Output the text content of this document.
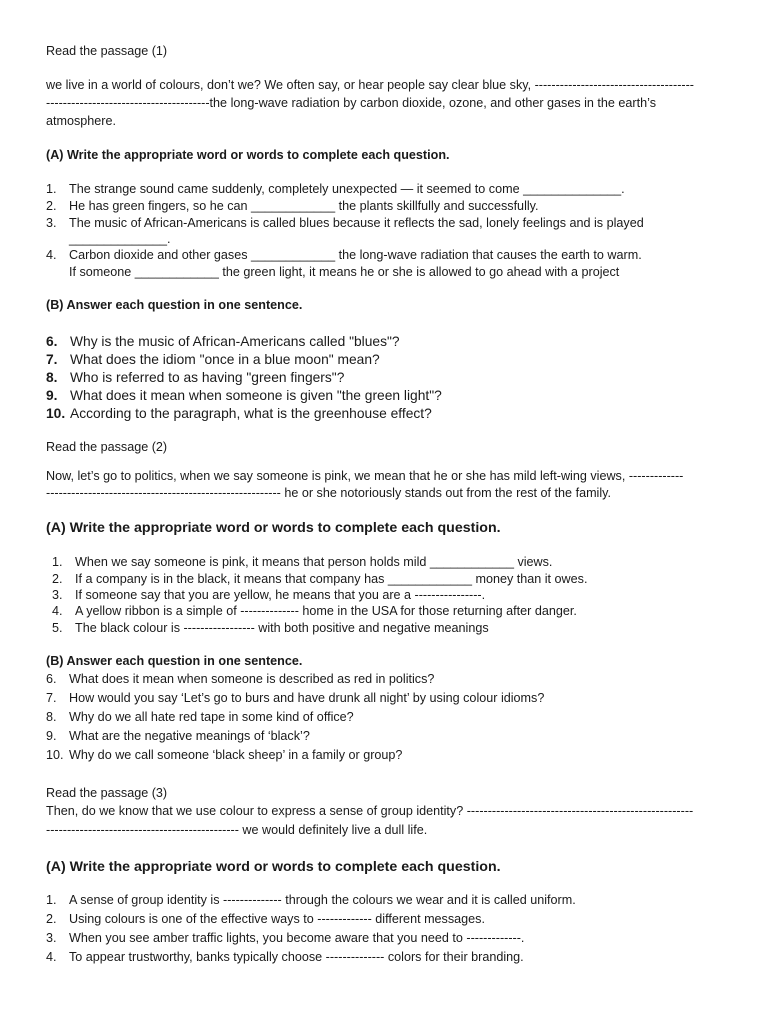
Read the passage (1)
we live in a world of colours, don’t we? We often say, or hear people say clear blue sky, --------------------------------------
---------------------------------------the long-wave radiation by carbon dioxide, ozone, and other gases in the earth’s
atmosphere.
(A) Write the appropriate word or words to complete each question.
1. The strange sound came suddenly, completely unexpected — it seemed to come ______________.
2. He has green fingers, so he can ____________ the plants skillfully and successfully.
3. The music of African-Americans is called blues because it reflects the sad, lonely feelings and is played
______________.
4. Carbon dioxide and other gases ____________ the long-wave radiation that causes the earth to warm.
If someone ____________ the green light, it means he or she is allowed to go ahead with a project
(B) Answer each question in one sentence.
6. Why is the music of African-Americans called "blues"?
7. What does the idiom "once in a blue moon" mean?
8. Who is referred to as having "green fingers"?
9. What does it mean when someone is given "the green light"?
10. According to the paragraph, what is the greenhouse effect?
Read the passage (2)
Now, let’s go to politics, when we say someone is pink, we mean that he or she has mild left-wing views, -------------
-------------------------------------------------------- he or she notoriously stands out from the rest of the family.
(A) Write the appropriate word or words to complete each question.
1. When we say someone is pink, it means that person holds mild ____________ views.
2. If a company is in the black, it means that company has ____________ money than it owes.
3. If someone say that you are yellow, he means that you are a ----------------.
4. A yellow ribbon is a simple of -------------- home in the USA for those returning after danger.
5. The black colour is ----------------- with both positive and negative meanings
(B) Answer each question in one sentence.
6. What does it mean when someone is described as red in politics?
7. How would you say ‘Let’s go to burs and have drunk all night’ by using colour idioms?
8. Why do we all hate red tape in some kind of office?
9. What are the negative meanings of ‘black’?
10. Why do we call someone ‘black sheep’ in a family or group?
Read the passage (3)
Then, do we know that we use colour to express a sense of group identity? ------------------------------------------------------
---------------------------------------------- we would definitely live a dull life.
(A) Write the appropriate word or words to complete each question.
1. A sense of group identity is -------------- through the colours we wear and it is called uniform.
2. Using colours is one of the effective ways to ------------- different messages.
3. When you see amber traffic lights, you become aware that you need to -------------.
4. To appear trustworthy, banks typically choose -------------- colors for their branding.
